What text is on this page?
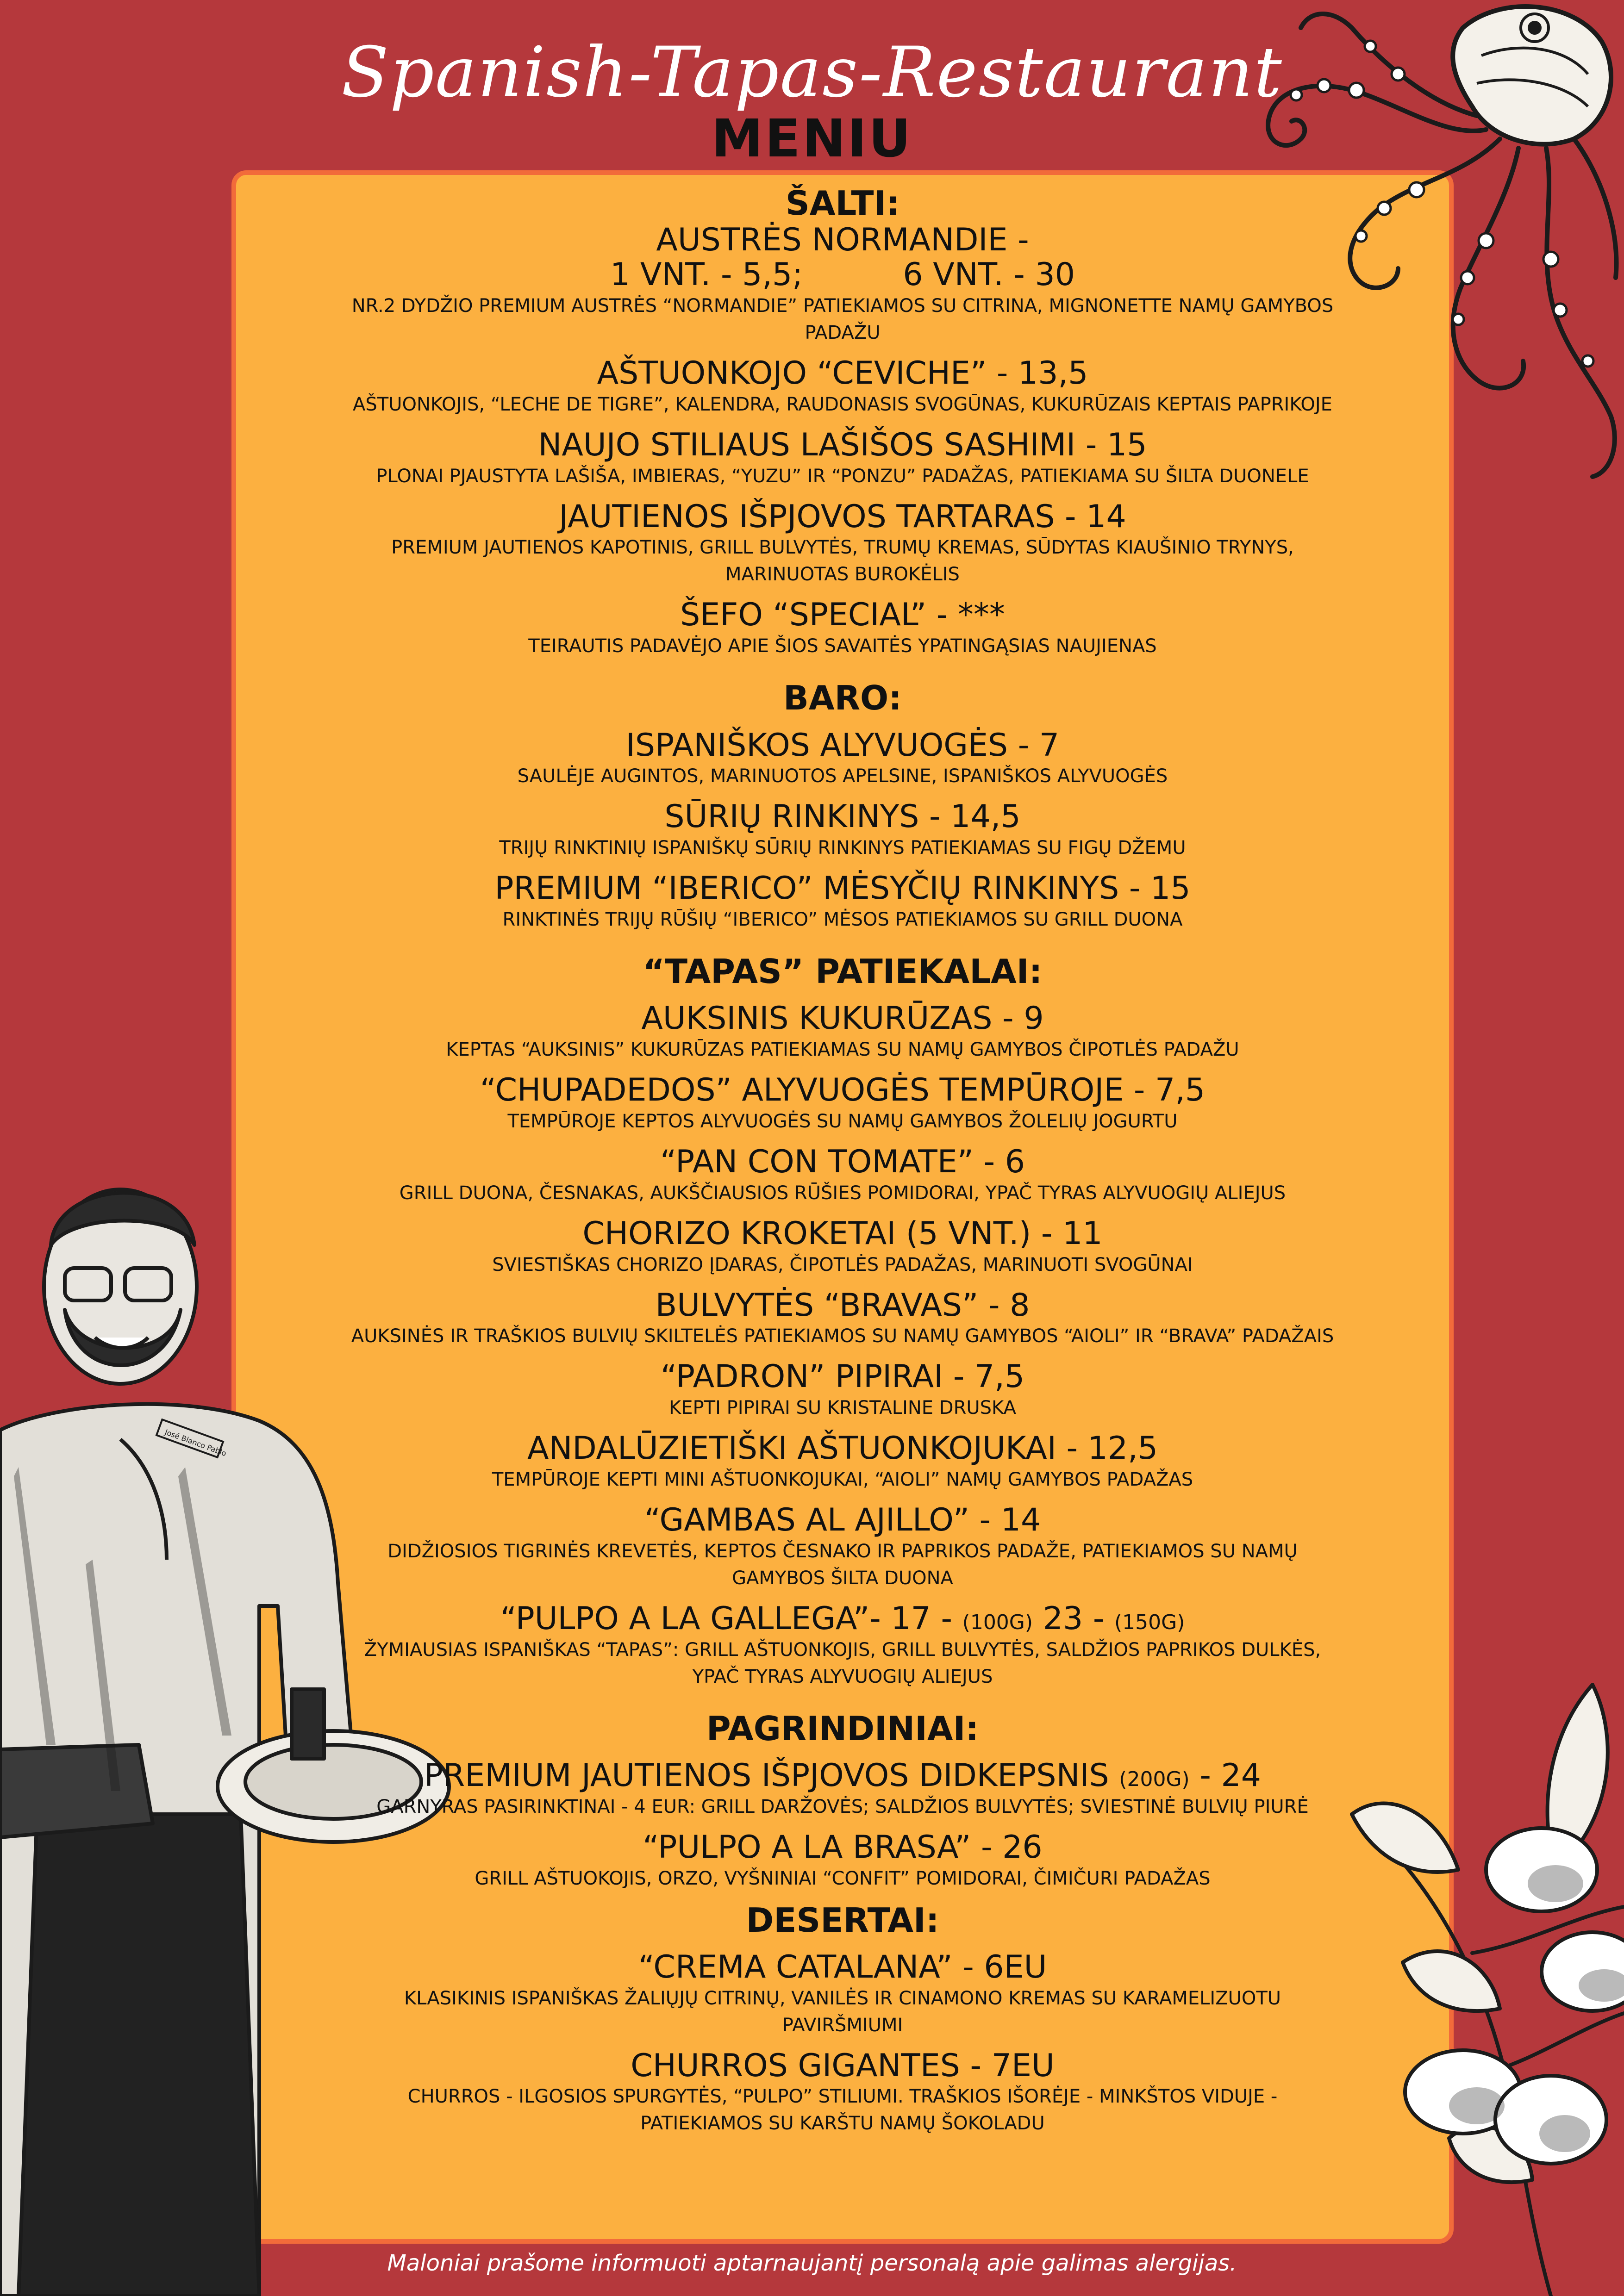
Spanish-Tapas-Restaurant
MENIU
José Blanco Pablo
ŠALTI:
AUSTRĖS NORMANDIE -
1 VNT. - 5,5;          6 VNT. - 30
NR.2 DYDŽIO PREMIUM AUSTRĖS “NORMANDIE” PATIEKIAMOS SU CITRINA, MIGNONETTE NAMŲ GAMYBOS PADAŽU
AŠTUONKOJO “CEVICHE” - 13,5
AŠTUONKOJIS, “LECHE DE TIGRE”, KALENDRA, RAUDONASIS SVOGŪNAS, KUKURŪZAIS KEPTAIS PAPRIKOJE
NAUJO STILIAUS LAŠIŠOS SASHIMI - 15
PLONAI PJAUSTYTA LAŠIŠA, IMBIERAS, “YUZU” IR “PONZU” PADAŽAS, PATIEKIAMA SU ŠILTA DUONELE
JAUTIENOS IŠPJOVOS TARTARAS - 14
PREMIUM JAUTIENOS KAPOTINIS, GRILL BULVYTĖS, TRUMŲ KREMAS, SŪDYTAS KIAUŠINIO TRYNYS, MARINUOTAS BUROKĖLIS
ŠEFO “SPECIAL” - ***
TEIRAUTIS PADAVĖJO APIE ŠIOS SAVAITĖS YPATINGĄSIAS NAUJIENAS
BARO:
ISPANIŠKOS ALYVUOGĖS - 7
SAULĖJE AUGINTOS, MARINUOTOS APELSINE, ISPANIŠKOS ALYVUOGĖS
SŪRIŲ RINKINYS - 14,5
TRIJŲ RINKTINIŲ ISPANIŠKŲ SŪRIŲ RINKINYS PATIEKIAMAS SU FIGŲ DŽEMU
PREMIUM “IBERICO” MĖSYČIŲ RINKINYS - 15
RINKTINĖS TRIJŲ RŪŠIŲ “IBERICO” MĖSOS PATIEKIAMOS SU GRILL DUONA
“TAPAS” PATIEKALAI:
AUKSINIS KUKURŪZAS - 9
KEPTAS “AUKSINIS” KUKURŪZAS PATIEKIAMAS SU NAMŲ GAMYBOS ČIPOTLĖS PADAŽU
“CHUPADEDOS” ALYVUOGĖS TEMPŪROJE - 7,5
TEMPŪROJE KEPTOS ALYVUOGĖS SU NAMŲ GAMYBOS ŽOLELIŲ JOGURTU
“PAN CON TOMATE” - 6
GRILL DUONA, ČESNAKAS, AUKŠČIAUSIOS RŪŠIES POMIDORAI, YPAČ TYRAS ALYVUOGIŲ ALIEJUS
CHORIZO KROKETAI (5 VNT.) - 11
SVIESTIŠKAS CHORIZO ĮDARAS, ČIPOTLĖS PADAŽAS, MARINUOTI SVOGŪNAI
BULVYTĖS “BRAVAS” - 8
AUKSINĖS IR TRAŠKIOS BULVIŲ SKILTELĖS PATIEKIAMOS SU NAMŲ GAMYBOS “AIOLI” IR “BRAVA” PADAŽAIS
“PADRON” PIPIRAI - 7,5
KEPTI PIPIRAI SU KRISTALINE DRUSKA
ANDALŪZIETIŠKI AŠTUONKOJUKAI - 12,5
TEMPŪROJE KEPTI MINI AŠTUONKOJUKAI, “AIOLI” NAMŲ GAMYBOS PADAŽAS
“GAMBAS AL AJILLO” - 14
DIDŽIOSIOS TIGRINĖS KREVETĖS, KEPTOS ČESNAKO IR PAPRIKOS PADAŽE, PATIEKIAMOS SU NAMŲ GAMYBOS ŠILTA DUONA
“PULPO A LA GALLEGA”- 17 - (100G) 23 - (150G)
ŽYMIAUSIAS ISPANIŠKAS “TAPAS”: GRILL AŠTUONKOJIS, GRILL BULVYTĖS, SALDŽIOS PAPRIKOS DULKĖS, YPAČ TYRAS ALYVUOGIŲ ALIEJUS
PAGRINDINIAI:
PREMIUM JAUTIENOS IŠPJOVOS DIDKEPSNIS (200G) - 24
GARNYRAS PASIRINKTINAI - 4 EUR: GRILL DARŽOVĖS; SALDŽIOS BULVYTĖS; SVIESTINĖ BULVIŲ PIURĖ
“PULPO A LA BRASA” - 26
GRILL AŠTUOKOJIS, ORZO, VYŠNINIAI “CONFIT” POMIDORAI, ČIMIČURI PADAŽAS
DESERTAI:
“CREMA CATALANA” - 6EU
KLASIKINIS ISPANIŠKAS ŽALIŲJŲ CITRINŲ, VANILĖS IR CINAMONO KREMAS SU KARAMELIZUOTU PAVIRŠMIUMI
CHURROS GIGANTES - 7EU
CHURROS - ILGOSIOS SPURGYTĖS, “PULPO” STILIUMI. TRAŠKIOS IŠORĖJE - MINKŠTOS VIDUJE - PATIEKIAMOS SU KARŠTU NAMŲ ŠOKOLADU
Maloniai prašome informuoti aptarnaujantį personalą apie galimas alergijas.
